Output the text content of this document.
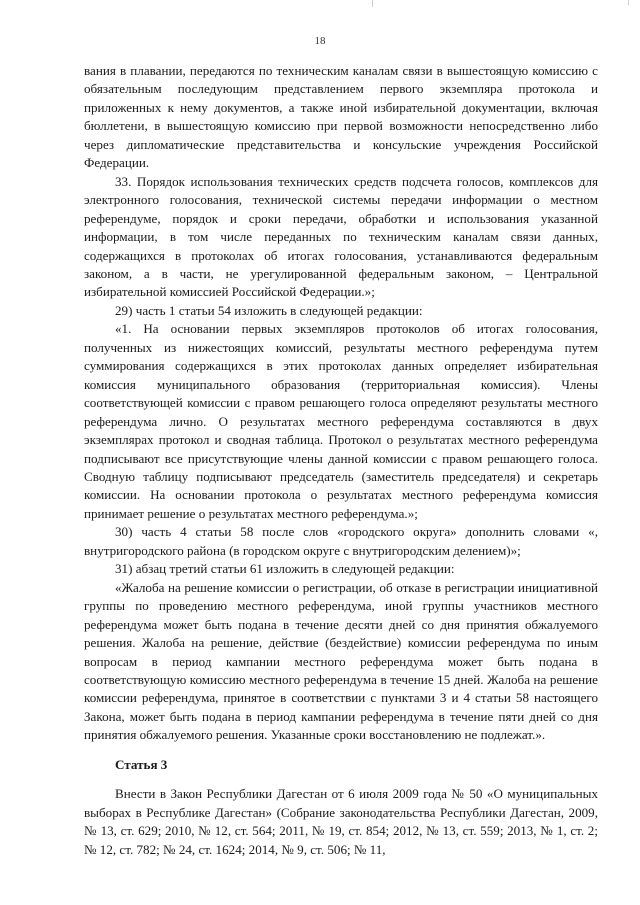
18

вания в плавании, передаются по техническим каналам связи в вышестоящую комиссию с обязательным последующим представлением первого экземпляра протокола и приложенных к нему документов, а также иной избирательной документации, включая бюллетени, в вышестоящую комиссию при первой возможности непосредственно либо через дипломатические представительства и консульские учреждения Российской Федерации.

33. Порядок использования технических средств подсчета голосов, комплексов для электронного голосования, технической системы передачи информации о местном референдуме, порядок и сроки передачи, обработки и использования указанной информации, в том числе переданных по техническим каналам связи данных, содержащихся в протоколах об итогах голосования, устанавливаются федеральным законом, а в части, не урегулированной федеральным законом, – Центральной избирательной комиссией Российской Федерации.»;

29) часть 1 статьи 54 изложить в следующей редакции:

«1. На основании первых экземпляров протоколов об итогах голосования, полученных из нижестоящих комиссий, результаты местного референдума путем суммирования содержащихся в этих протоколах данных определяет избирательная комиссия муниципального образования (территориальная комиссия). Члены соответствующей комиссии с правом решающего голоса определяют результаты местного референдума лично. О результатах местного референдума составляются в двух экземплярах протокол и сводная таблица. Протокол о результатах местного референдума подписывают все присутствующие члены данной комиссии с правом решающего голоса. Сводную таблицу подписывают председатель (заместитель председателя) и секретарь комиссии. На основании протокола о результатах местного референдума комиссия принимает решение о результатах местного референдума.»;

30) часть 4 статьи 58 после слов «городского округа» дополнить словами «, внутригородского района (в городском округе с внутригородским делением)»;

31) абзац третий статьи 61 изложить в следующей редакции:

«Жалоба на решение комиссии о регистрации, об отказе в регистрации инициативной группы по проведению местного референдума, иной группы участников местного референдума может быть подана в течение десяти дней со дня принятия обжалуемого решения. Жалоба на решение, действие (бездействие) комиссии референдума по иным вопросам в период кампании местного референдума может быть подана в соответствующую комиссию местного референдума в течение 15 дней. Жалоба на решение комиссии референдума, принятое в соответствии с пунктами 3 и 4 статьи 58 настоящего Закона, может быть подана в период кампании референдума в течение пяти дней со дня принятия обжалуемого решения. Указанные сроки восстановлению не подлежат.».

Статья 3

Внести в Закон Республики Дагестан от 6 июля 2009 года № 50 «О муниципальных выборах в Республике Дагестан» (Собрание законодательства Республики Дагестан, 2009, № 13, ст. 629; 2010, № 12, ст. 564; 2011, № 19, ст. 854; 2012, № 13, ст. 559; 2013, № 1, ст. 2; № 12, ст. 782; № 24, ст. 1624; 2014, № 9, ст. 506; № 11,
